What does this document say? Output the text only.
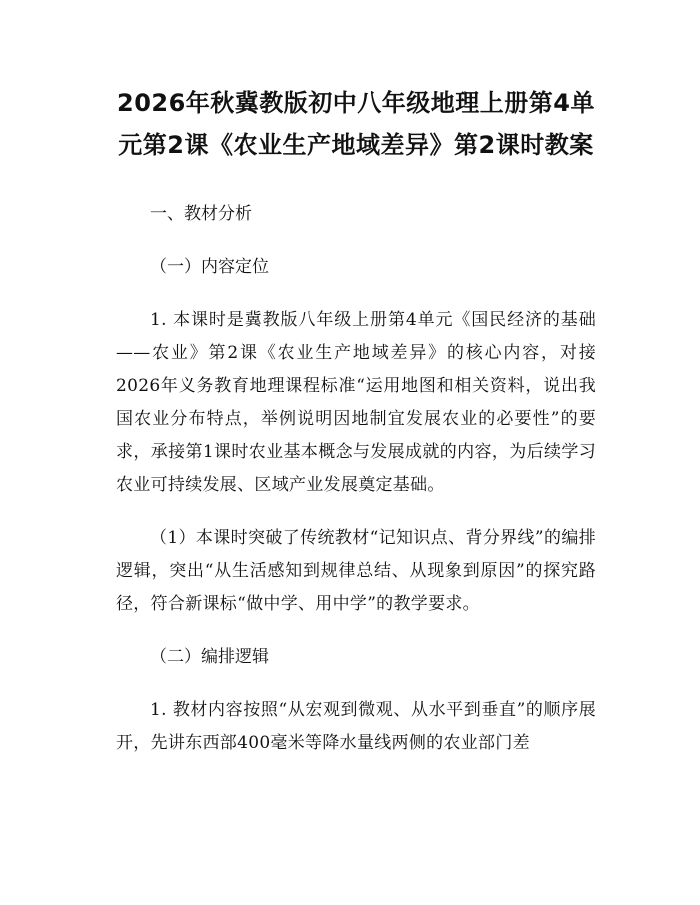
2026年秋冀教版初中八年级地理上册第4单元第2课《农业生产地域差异》第2课时教案

一、教材分析

（一）内容定位

1. 本课时是冀教版八年级上册第4单元《国民经济的基础——农业》第2课《农业生产地域差异》的核心内容，对接2026年义务教育地理课程标准“运用地图和相关资料，说出我国农业分布特点，举例说明因地制宜发展农业的必要性”的要求，承接第1课时农业基本概念与发展成就的内容，为后续学习农业可持续发展、区域产业发展奠定基础。

（1）本课时突破了传统教材“记知识点、背分界线”的编排逻辑，突出“从生活感知到规律总结、从现象到原因”的探究路径，符合新课标“做中学、用中学”的教学要求。

（二）编排逻辑

1. 教材内容按照“从宏观到微观、从水平到垂直”的顺序展开，先讲东西部400毫米等降水量线两侧的农业部门差
